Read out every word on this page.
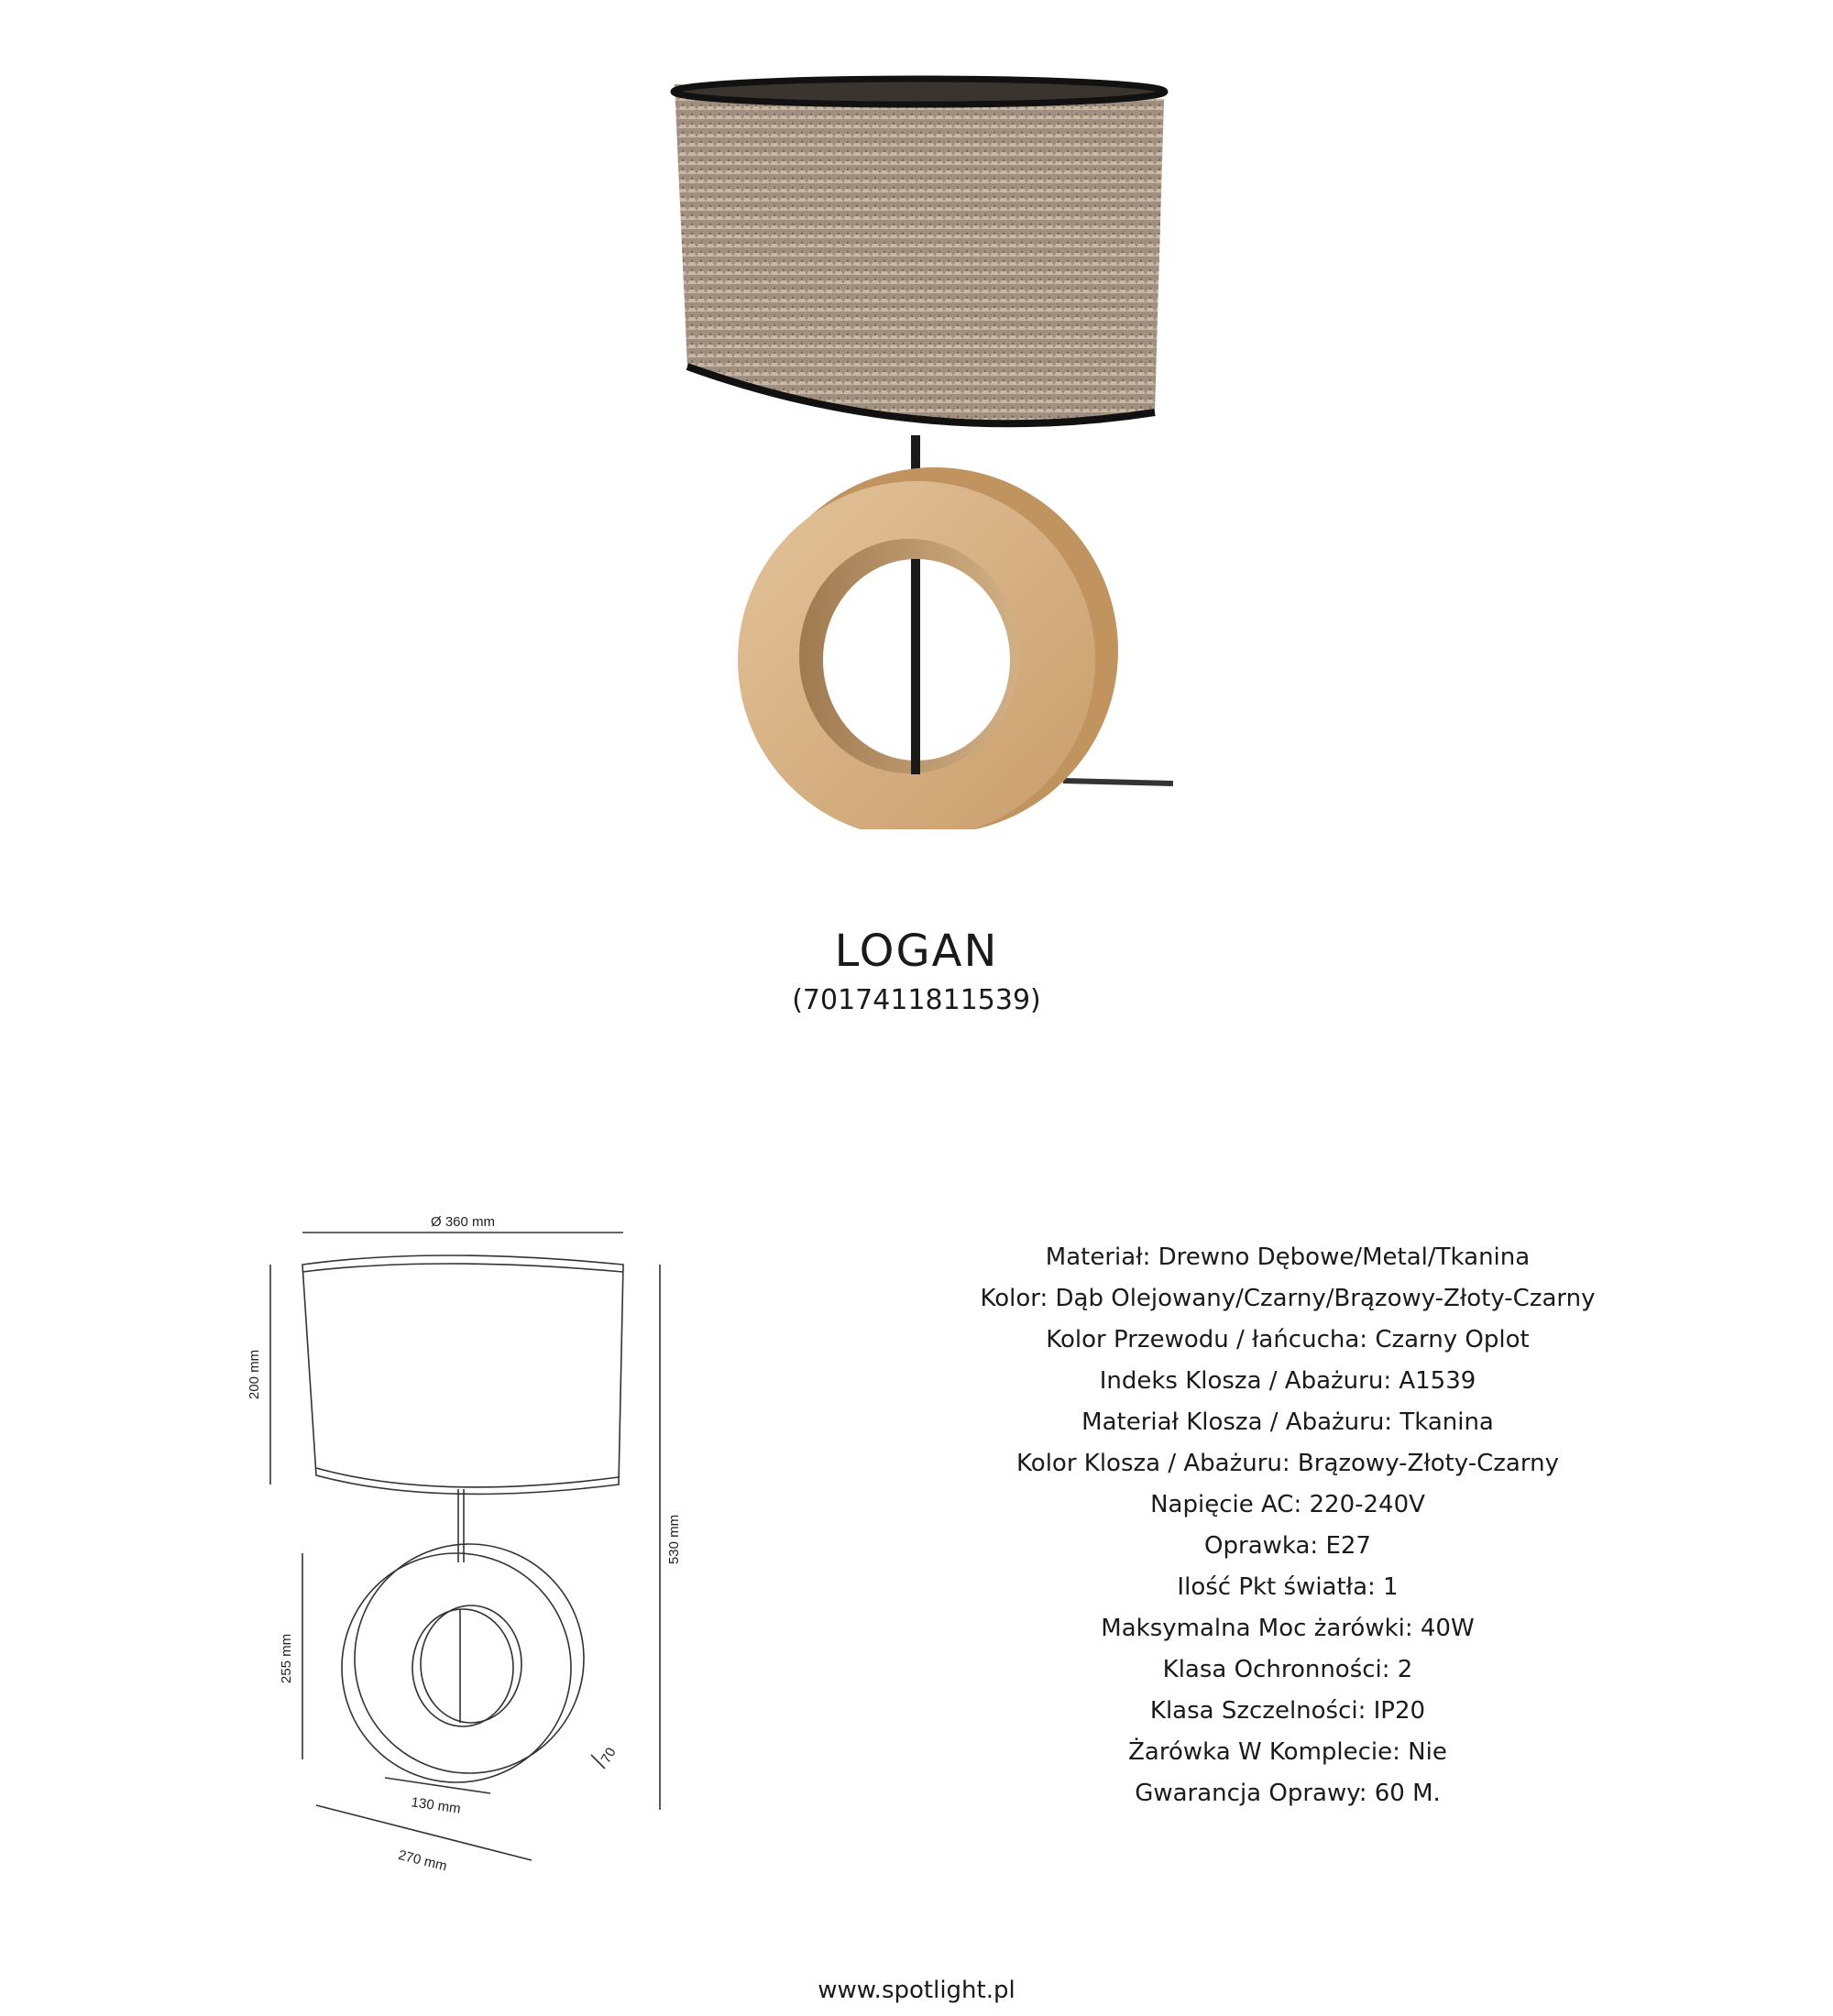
LOGAN
(7017411811539)
Ø 360 mm
200 mm
530 mm
255 mm
70
130 mm
270 mm
Materiał: Drewno Dębowe/Metal/Tkanina
Kolor: Dąb Olejowany/Czarny/Brązowy-Złoty-Czarny
Kolor Przewodu / łańcucha: Czarny Oplot
Indeks Klosza / Abażuru: A1539
Materiał Klosza / Abażuru: Tkanina
Kolor Klosza / Abażuru: Brązowy-Złoty-Czarny
Napięcie AC: 220-240V
Oprawka: E27
Ilość Pkt światła: 1
Maksymalna Moc żarówki: 40W
Klasa Ochronności: 2
Klasa Szczelności: IP20
Żarówka W Komplecie: Nie
Gwarancja Oprawy: 60 M.
www.spotlight.pl
